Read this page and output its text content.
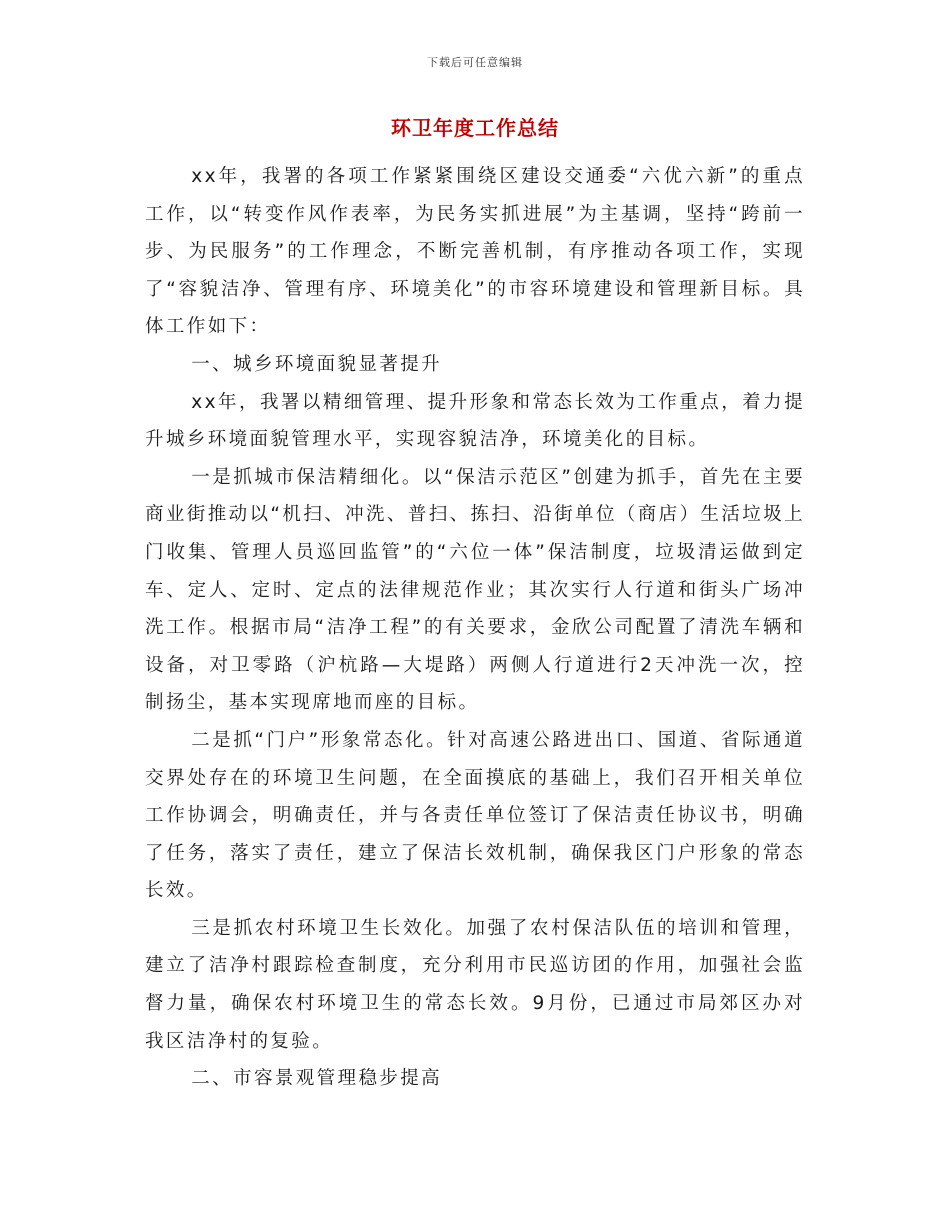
下载后可任意编辑
环卫年度工作总结

xx年，我署的各项工作紧紧围绕区建设交通委“六优六新”的重点工作，以“转变作风作表率，为民务实抓进展”为主基调，坚持“跨前一步、为民服务”的工作理念，不断完善机制，有序推动各项工作，实现了“容貌洁净、管理有序、环境美化”的市容环境建设和管理新目标。具体工作如下：

一、城乡环境面貌显著提升

xx年，我署以精细管理、提升形象和常态长效为工作重点，着力提升城乡环境面貌管理水平，实现容貌洁净，环境美化的目标。

一是抓城市保洁精细化。以“保洁示范区”创建为抓手，首先在主要商业街推动以“机扫、冲洗、普扫、拣扫、沿街单位（商店）生活垃圾上门收集、管理人员巡回监管”的“六位一体”保洁制度，垃圾清运做到定车、定人、定时、定点的法律规范作业；其次实行人行道和街头广场冲洗工作。根据市局“洁净工程”的有关要求，金欣公司配置了清洗车辆和设备，对卫零路（沪杭路—大堤路）两侧人行道进行2天冲洗一次，控制扬尘，基本实现席地而座的目标。

二是抓“门户”形象常态化。针对高速公路进出口、国道、省际通道交界处存在的环境卫生问题，在全面摸底的基础上，我们召开相关单位工作协调会，明确责任，并与各责任单位签订了保洁责任协议书，明确了任务，落实了责任，建立了保洁长效机制，确保我区门户形象的常态长效。

三是抓农村环境卫生长效化。加强了农村保洁队伍的培训和管理，建立了洁净村跟踪检查制度，充分利用市民巡访团的作用，加强社会监督力量，确保农村环境卫生的常态长效。9月份，已通过市局郊区办对我区洁净村的复验。

二、市容景观管理稳步提高
